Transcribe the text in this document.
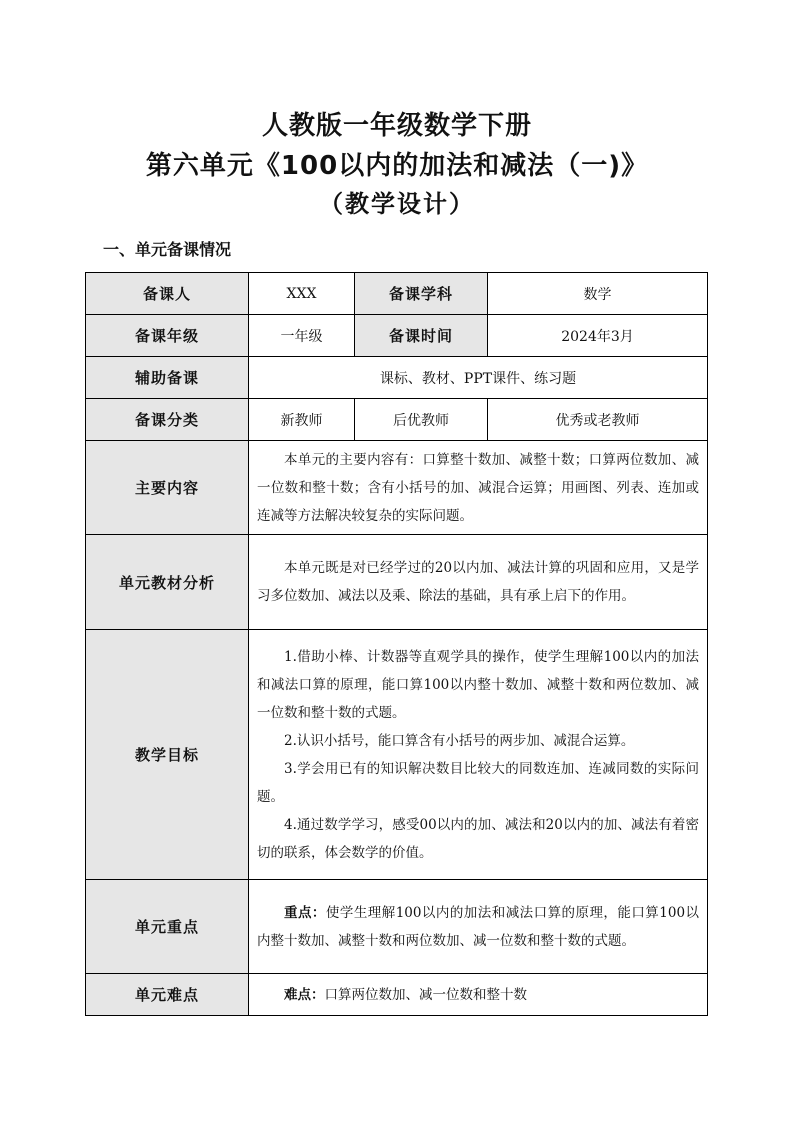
人教版一年级数学下册
第六单元《100以内的加法和减法（一)》
（教学设计）
一、单元备课情况
备课人	XXX	备课学科	数学
备课年级	一年级	备课时间	2024年3月
辅助备课	课标、教材、PPT课件、练习题		
备课分类	新教师	后优教师	优秀或老教师
主要内容	本单元的主要内容有：口算整十数加、减整十数；口算两位数加、减一位数和整十数；含有小括号的加、减混合运算；用画图、列表、连加或连减等方法解决较复杂的实际问题。		
单元教材分析	本单元既是对已经学过的20以内加、减法计算的巩固和应用，又是学习多位数加、减法以及乘、除法的基础，具有承上启下的作用。		
教学目标	1.借助小棒、计数器等直观学具的操作，使学生理解100以内的加法和减法口算的原理，能口算100以内整十数加、减整十数和两位数加、减一位数和整十数的式题。

2.认识小括号，能口算含有小括号的两步加、减混合运算。

3.学会用已有的知识解决数目比较大的同数连加、连减同数的实际问题。

4.通过数学学习，感受00以内的加、减法和20以内的加、减法有着密切的联系，体会数学的价值。		

单元重点	重点：使学生理解100以内的加法和减法口算的原理，能口算100以内整十数加、减整十数和两位数加、减一位数和整十数的式题。		
单元难点	难点：口算两位数加、减一位数和整十数		
